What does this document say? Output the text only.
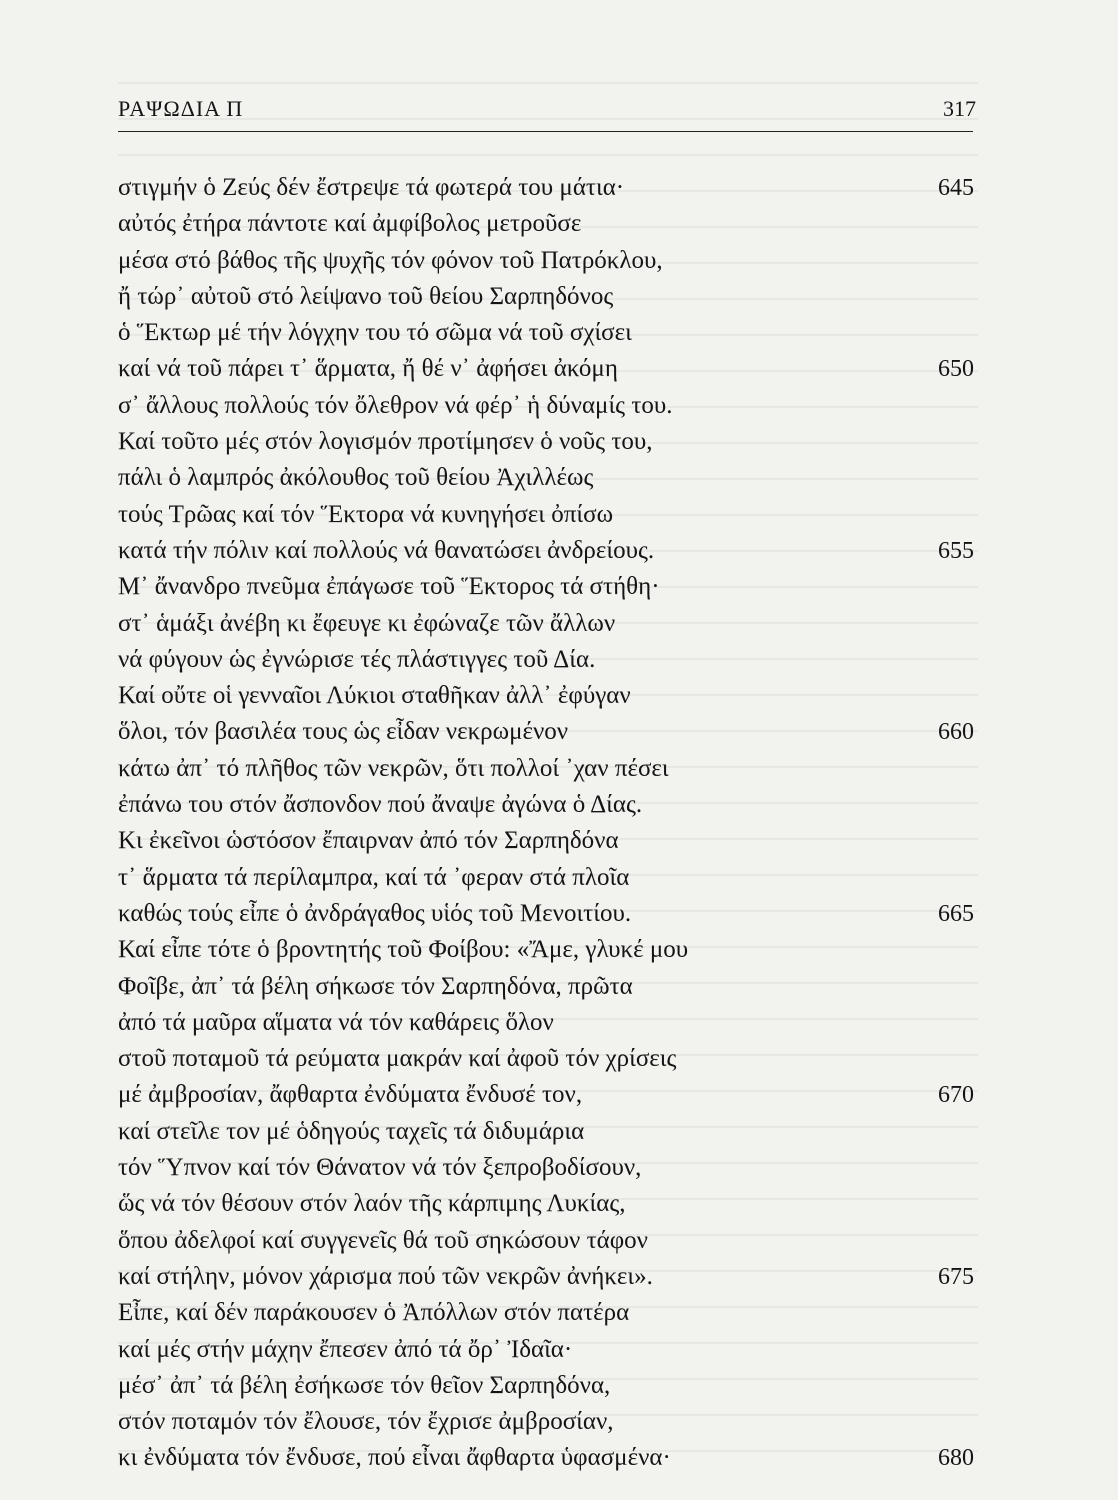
ΡΑΨΩΔΙΑ Π	317
στιγμήν ὁ Ζεύς δέν ἔστρεψε τά φωτερά του μάτια·	645
αὐτός ἐτήρα πάντοτε καί ἀμφίβολος μετροῦσε
μέσα στό βάθος τῆς ψυχῆς τόν φόνον τοῦ Πατρόκλου,
ἤ τώρ᾽ αὐτοῦ στό λείψανο τοῦ θείου Σαρπηδόνος
ὁ Ἕκτωρ μέ τήν λόγχην του τό σῶμα νά τοῦ σχίσει
καί νά τοῦ πάρει τ᾽ ἅρματα, ἤ θέ ν᾽ ἀφήσει ἀκόμη	650
σ᾽ ἄλλους πολλούς τόν ὄλεθρον νά φέρ᾽ ἡ δύναμίς του.
Καί τοῦτο μές στόν λογισμόν προτίμησεν ὁ νοῦς του,
πάλι ὁ λαμπρός ἀκόλουθος τοῦ θείου Ἀχιλλέως
τούς Τρῶας καί τόν Ἕκτορα νά κυνηγήσει ὀπίσω
κατά τήν πόλιν καί πολλούς νά θανατώσει ἀνδρείους.	655
Μ᾽ ἄνανδρο πνεῦμα ἐπάγωσε τοῦ Ἕκτορος τά στήθη·
στ᾽ ἁμάξι ἀνέβη κι ἔφευγε κι ἐφώναζε τῶν ἄλλων
νά φύγουν ὡς ἐγνώρισε τές πλάστιγγες τοῦ Δία.
Καί οὔτε οἱ γενναῖοι Λύκιοι σταθῆκαν ἀλλ᾽ ἐφύγαν
ὅλοι, τόν βασιλέα τους ὡς εἶδαν νεκρωμένον	660
κάτω ἀπ᾽ τό πλῆθος τῶν νεκρῶν, ὅτι πολλοί ᾽χαν πέσει
ἐπάνω του στόν ἄσπονδον πού ἄναψε ἀγώνα ὁ Δίας.
Κι ἐκεῖνοι ὡστόσον ἔπαιρναν ἀπό τόν Σαρπηδόνα
τ᾽ ἅρματα τά περίλαμπρα, καί τά ᾽φεραν στά πλοῖα
καθώς τούς εἶπε ὁ ἀνδράγαθος υἱός τοῦ Μενοιτίου.	665
Καί εἶπε τότε ὁ βροντητής τοῦ Φοίβου: «Ἄμε, γλυκέ μου
Φοῖβε, ἀπ᾽ τά βέλη σήκωσε τόν Σαρπηδόνα, πρῶτα
ἀπό τά μαῦρα αἵματα νά τόν καθάρεις ὅλον
στοῦ ποταμοῦ τά ρεύματα μακράν καί ἀφοῦ τόν χρίσεις
μέ ἀμβροσίαν, ἄφθαρτα ἐνδύματα ἔνδυσέ τον,	670
καί στεῖλε τον μέ ὁδηγούς ταχεῖς τά διδυμάρια
τόν Ὕπνον καί τόν Θάνατον νά τόν ξεπροβοδίσουν,
ὥς νά τόν θέσουν στόν λαόν τῆς κάρπιμης Λυκίας,
ὅπου ἀδελφοί καί συγγενεῖς θά τοῦ σηκώσουν τάφον
καί στήλην, μόνον χάρισμα πού τῶν νεκρῶν ἀνήκει».	675
Εἶπε, καί δέν παράκουσεν ὁ Ἀπόλλων στόν πατέρα
καί μές στήν μάχην ἔπεσεν ἀπό τά ὄρ᾽ Ἰδαῖα·
μέσ᾽ ἀπ᾽ τά βέλη ἐσήκωσε τόν θεῖον Σαρπηδόνα,
στόν ποταμόν τόν ἔλουσε, τόν ἔχρισε ἀμβροσίαν,
κι ἐνδύματα τόν ἔνδυσε, πού εἶναι ἄφθαρτα ὑφασμένα·	680
